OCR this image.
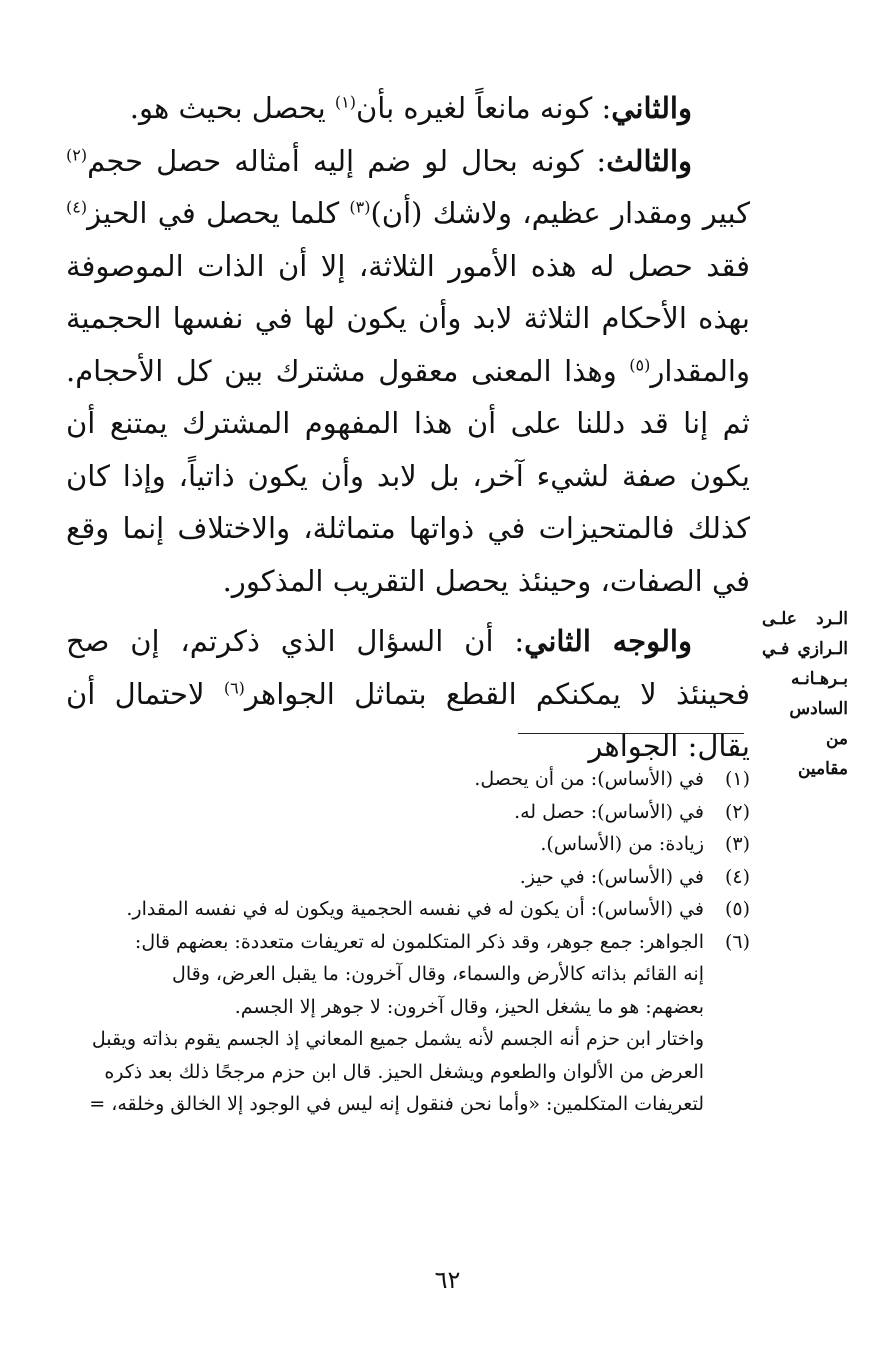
والثاني: كونه مانعاً لغيره بأن$^{(١)}$ يحصل بحيث هو.

والثالث: كونه بحال لو ضم إليه أمثاله حصل حجم$^{(٢)}$ كبير ومقدار عظيم، ولاشك (أن)$^{(٣)}$ كلما يحصل في الحيز$^{(٤)}$ فقد حصل له هذه الأمور الثلاثة، إلا أن الذات الموصوفة بهذه الأحكام الثلاثة لابد وأن يكون لها في نفسها الحجمية والمقدار$^{(٥)}$ وهذا المعنى معقول مشترك بين كل الأحجام. ثم إنا قد دللنا على أن هذا المفهوم المشترك يمتنع أن يكون صفة لشيء آخر، بل لابد وأن يكون ذاتياً، وإذا كان كذلك فالمتحيزات في ذواتها متماثلة، والاختلاف إنما وقع في الصفات، وحينئذ يحصل التقريب المذكور.

والوجه الثاني: أن السؤال الذي ذكرتم، إن صح فحينئذ لا يمكنكم القطع بتماثل الجواهر$^{(٦)}$ لاحتمال أن يقال: الجواهر

الـرد علـى
الـرازي فـي
بـرهـانـه
السادس من
مقامين
(١)
في (الأساس): من أن يحصل.
(٢)
في (الأساس): حصل له.
(٣)
زيادة: من (الأساس).
(٤)
في (الأساس): في حيز.
(٥)
في (الأساس): أن يكون له في نفسه الحجمية ويكون له في نفسه المقدار.
(٦)
الجواهر: جمع جوهر، وقد ذكر المتكلمون له تعريفات متعددة: بعضهم قال:
إنه القائم بذاته كالأرض والسماء، وقال آخرون: ما يقبل العرض، وقال
بعضهم: هو ما يشغل الحيز، وقال آخرون: لا جوهر إلا الجسم.
واختار ابن حزم أنه الجسم لأنه يشمل جميع المعاني إذ الجسم يقوم بذاته ويقبل
العرض من الألوان والطعوم ويشغل الحيز. قال ابن حزم مرجحًا ذلك بعد ذكره
لتعريفات المتكلمين: «وأما نحن فنقول إنه ليس في الوجود إلا الخالق وخلقه، =
٦٢
